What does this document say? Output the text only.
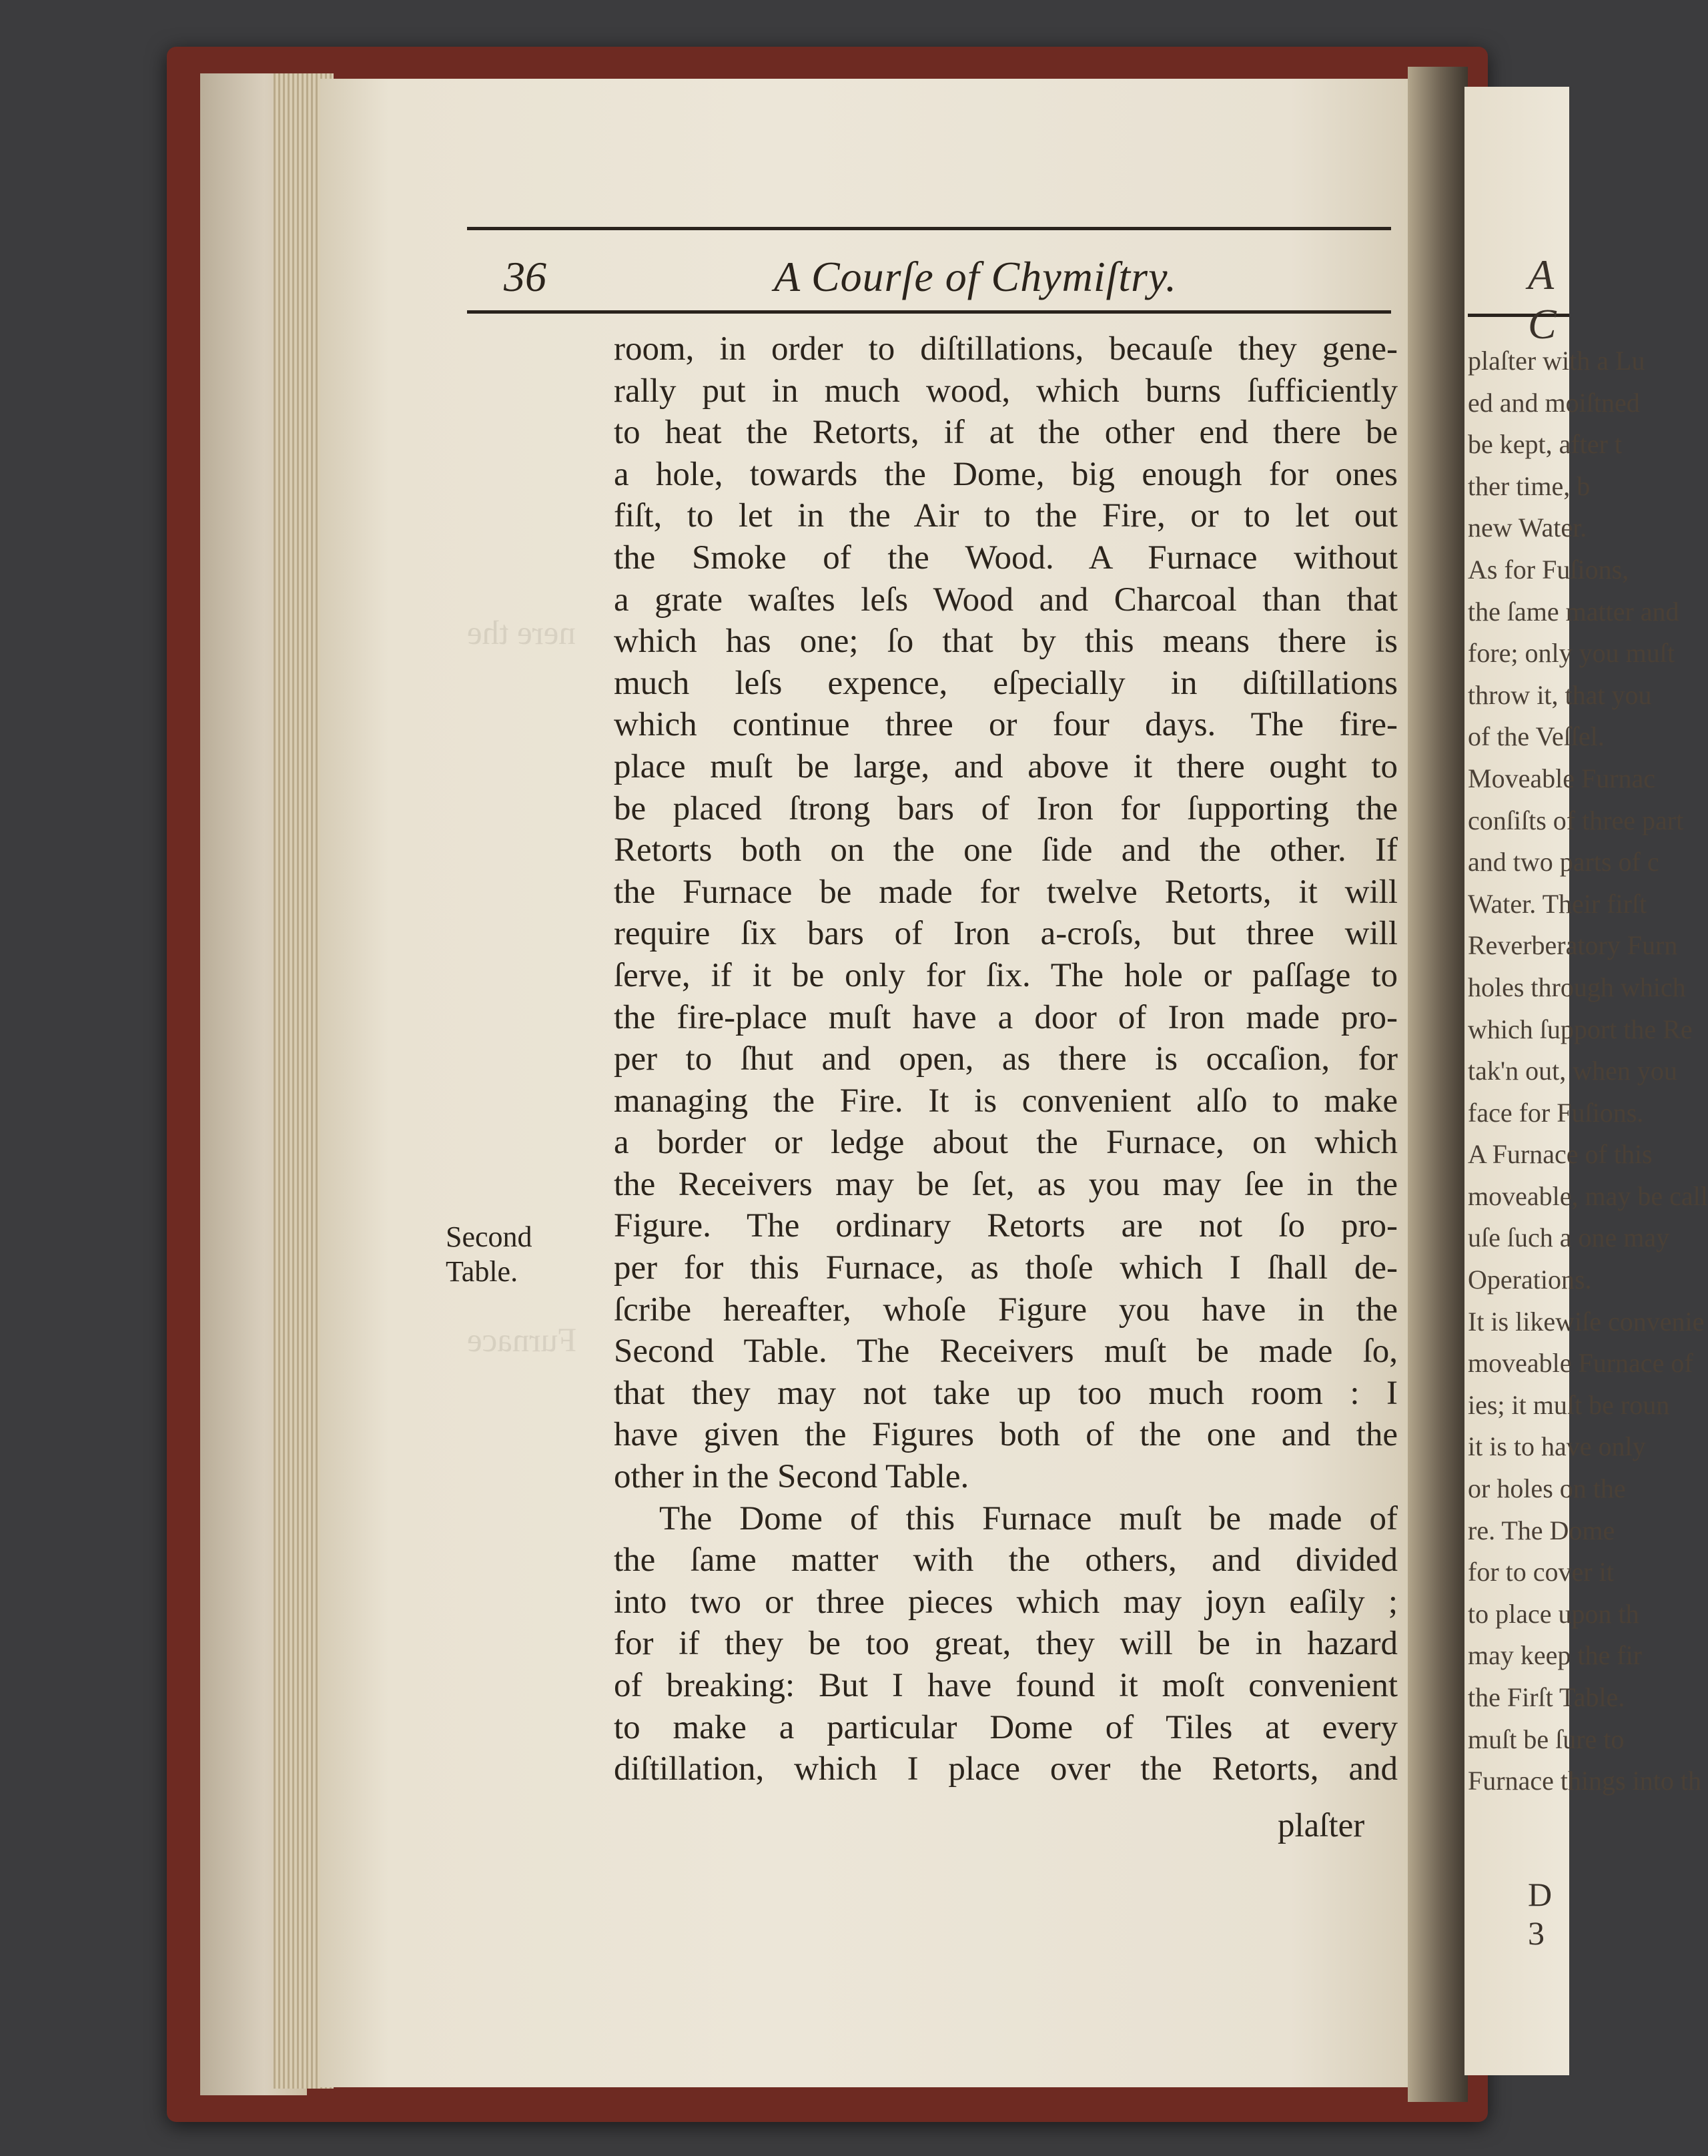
nere the
Furnace
36	A Courſe of Chymiſtry.
room, in order to diſtillations, becauſe they gene-
rally put in much wood, which burns ſufficiently
to heat the Retorts, if at the other end there be
a hole, towards the Dome, big enough for ones
fiſt, to let in the Air to the Fire, or to let out
the Smoke of the Wood. A Furnace without
a grate waſtes leſs Wood and Charcoal than that
which has one; ſo that by this means there is
much leſs expence, eſpecially in diſtillations
which continue three or four days. The fire-
place muſt be large, and above it there ought to
be placed ſtrong bars of Iron for ſupporting the
Retorts both on the one ſide and the other. If
the Furnace be made for twelve Retorts, it will
require ſix bars of Iron a-croſs, but three will
ſerve, if it be only for ſix. The hole or paſſage to
the fire-place muſt have a door of Iron made pro-
per to ſhut and open, as there is occaſion, for
managing the Fire. It is convenient alſo to make
a border or ledge about the Furnace, on which
the Receivers may be ſet, as you may ſee in the
Figure. The ordinary Retorts are not ſo pro-
per for this Furnace, as thoſe which I ſhall de-
ſcribe hereafter, whoſe Figure you have in the
Second Table. The Receivers muſt be made ſo,
that they may not take up too much room : I
have given the Figures both of the one and the
other in the Second Table.
The Dome of this Furnace muſt be made of
the ſame matter with the others, and divided
into two or three pieces which may joyn eaſily ;
for if they be too great, they will be in hazard
of breaking: But I have found it moſt convenient
to make a particular Dome of Tiles at every
diſtillation, which I place over the Retorts, and
Second
Table.
plaſter
A C
plaſter with a Lu
ed and moiſtned
be kept, after t
ther time, b
new Water.
As for Fuſions,
the ſame matter and
fore; only you muſt
throw it, that you
of the Veſſel.
Moveable Furnac
conſiſts of three part
and two parts of c
Water. Their firſt
Reverberatory Furn
holes through which
which ſupport the Re
tak'n out, when you
face for Fuſions.
A Furnace of this
moveable, may be call
uſe ſuch a one may
Operations.
It is likewiſe convenie
moveable Furnace of
ies; it muſt be roun
it is to have only
or holes on the
re. The Dome
for to cover it
to place upon th
may keep the fir
the Firſt Table.
muſt be ſure to
Furnace things into th
D 3
